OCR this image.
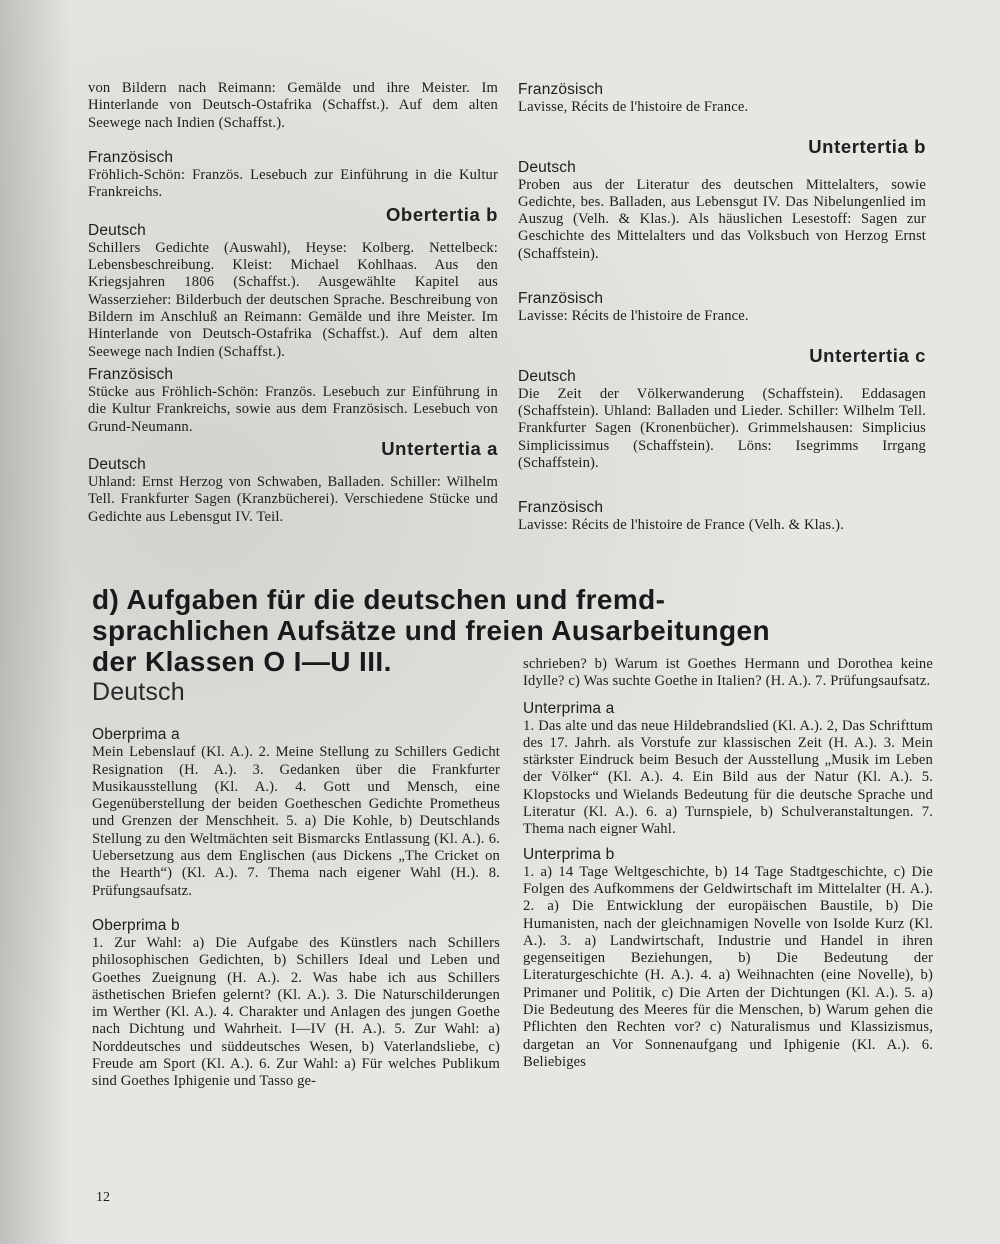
von Bildern nach Reimann: Gemälde und ihre Meister. Im Hinterlande von Deutsch-Ostafrika (Schaffst.). Auf dem alten Seewege nach Indien (Schaffst.).

Französisch

Fröhlich-Schön: Französ. Lesebuch zur Einführung in die Kultur Frankreichs.

Obertertia b
Deutsch

Schillers Gedichte (Auswahl), Heyse: Kolberg. Nettelbeck: Lebensbeschreibung. Kleist: Michael Kohlhaas. Aus den Kriegsjahren 1806 (Schaffst.). Ausgewählte Kapitel aus Wasserzieher: Bilderbuch der deutschen Sprache. Beschreibung von Bildern im Anschluß an Reimann: Gemälde und ihre Meister. Im Hinterlande von Deutsch-Ostafrika (Schaffst.). Auf dem alten Seewege nach Indien (Schaffst.).

Französisch

Stücke aus Fröhlich-Schön: Französ. Lesebuch zur Einführung in die Kultur Frankreichs, sowie aus dem Französisch. Lesebuch von Grund-Neumann.

Untertertia a
Deutsch

Uhland: Ernst Herzog von Schwaben, Balladen. Schiller: Wilhelm Tell. Frankfurter Sagen (Kranzbücherei). Verschiedene Stücke und Gedichte aus Lebensgut IV. Teil.

Französisch

Lavisse, Récits de l'histoire de France.

Untertertia b
Deutsch

Proben aus der Literatur des deutschen Mittelalters, sowie Gedichte, bes. Balladen, aus Lebensgut IV. Das Nibelungenlied im Auszug (Velh. & Klas.). Als häuslichen Lesestoff: Sagen zur Geschichte des Mittelalters und das Volksbuch von Herzog Ernst (Schaffstein).

Französisch

Lavisse: Récits de l'histoire de France.

Untertertia c
Deutsch

Die Zeit der Völkerwanderung (Schaffstein). Eddasagen (Schaffstein). Uhland: Balladen und Lieder. Schiller: Wilhelm Tell. Frankfurter Sagen (Kronenbücher). Grimmelshausen: Simplicius Simplicissimus (Schaffstein). Löns: Isegrimms Irrgang (Schaffstein).

Französisch

Lavisse: Récits de l'histoire de France (Velh. & Klas.).

d) Aufgaben für die deutschen und fremd-
sprachlichen Aufsätze und freien Ausarbeitungen
der Klassen O I—U III.
Deutsch
Oberprima a

Mein Lebenslauf (Kl. A.). 2. Meine Stellung zu Schillers Gedicht Resignation (H. A.). 3. Gedanken über die Frankfurter Musikausstellung (Kl. A.). 4. Gott und Mensch, eine Gegenüberstellung der beiden Goetheschen Gedichte Prometheus und Grenzen der Menschheit. 5. a) Die Kohle, b) Deutschlands Stellung zu den Weltmächten seit Bismarcks Entlassung (Kl. A.). 6. Uebersetzung aus dem Englischen (aus Dickens „The Cricket on the Hearth“) (Kl. A.). 7. Thema nach eigener Wahl (H.). 8. Prüfungsaufsatz.

Oberprima b

1. Zur Wahl: a) Die Aufgabe des Künstlers nach Schillers philosophischen Gedichten, b) Schillers Ideal und Leben und Goethes Zueignung (H. A.). 2. Was habe ich aus Schillers ästhetischen Briefen gelernt? (Kl. A.). 3. Die Naturschilderungen im Werther (Kl. A.). 4. Charakter und Anlagen des jungen Goethe nach Dichtung und Wahrheit. I—IV (H. A.). 5. Zur Wahl: a) Norddeutsches und süddeutsches Wesen, b) Vaterlandsliebe, c) Freude am Sport (Kl. A.). 6. Zur Wahl: a) Für welches Publikum sind Goethes Iphigenie und Tasso ge-

schrieben? b) Warum ist Goethes Hermann und Dorothea keine Idylle? c) Was suchte Goethe in Italien? (H. A.). 7. Prüfungsaufsatz.

Unterprima a

1. Das alte und das neue Hildebrandslied (Kl. A.). 2, Das Schrifttum des 17. Jahrh. als Vorstufe zur klassischen Zeit (H. A.). 3. Mein stärkster Eindruck beim Besuch der Ausstellung „Musik im Leben der Völker“ (Kl. A.). 4. Ein Bild aus der Natur (Kl. A.). 5. Klopstocks und Wielands Bedeutung für die deutsche Sprache und Literatur (Kl. A.). 6. a) Turnspiele, b) Schulveranstaltungen. 7. Thema nach eigner Wahl.

Unterprima b

1. a) 14 Tage Weltgeschichte, b) 14 Tage Stadtgeschichte, c) Die Folgen des Aufkommens der Geldwirtschaft im Mittelalter (H. A.). 2. a) Die Entwicklung der europäischen Baustile, b) Die Humanisten, nach der gleichnamigen Novelle von Isolde Kurz (Kl. A.). 3. a) Landwirtschaft, Industrie und Handel in ihren gegenseitigen Beziehungen, b) Die Bedeutung der Literaturgeschichte (H. A.). 4. a) Weihnachten (eine Novelle), b) Primaner und Politik, c) Die Arten der Dichtungen (Kl. A.). 5. a) Die Bedeutung des Meeres für die Menschen, b) Warum gehen die Pflichten den Rechten vor? c) Naturalismus und Klassizismus, dargetan an Vor Sonnenaufgang und Iphigenie (Kl. A.). 6. Beliebiges

12
